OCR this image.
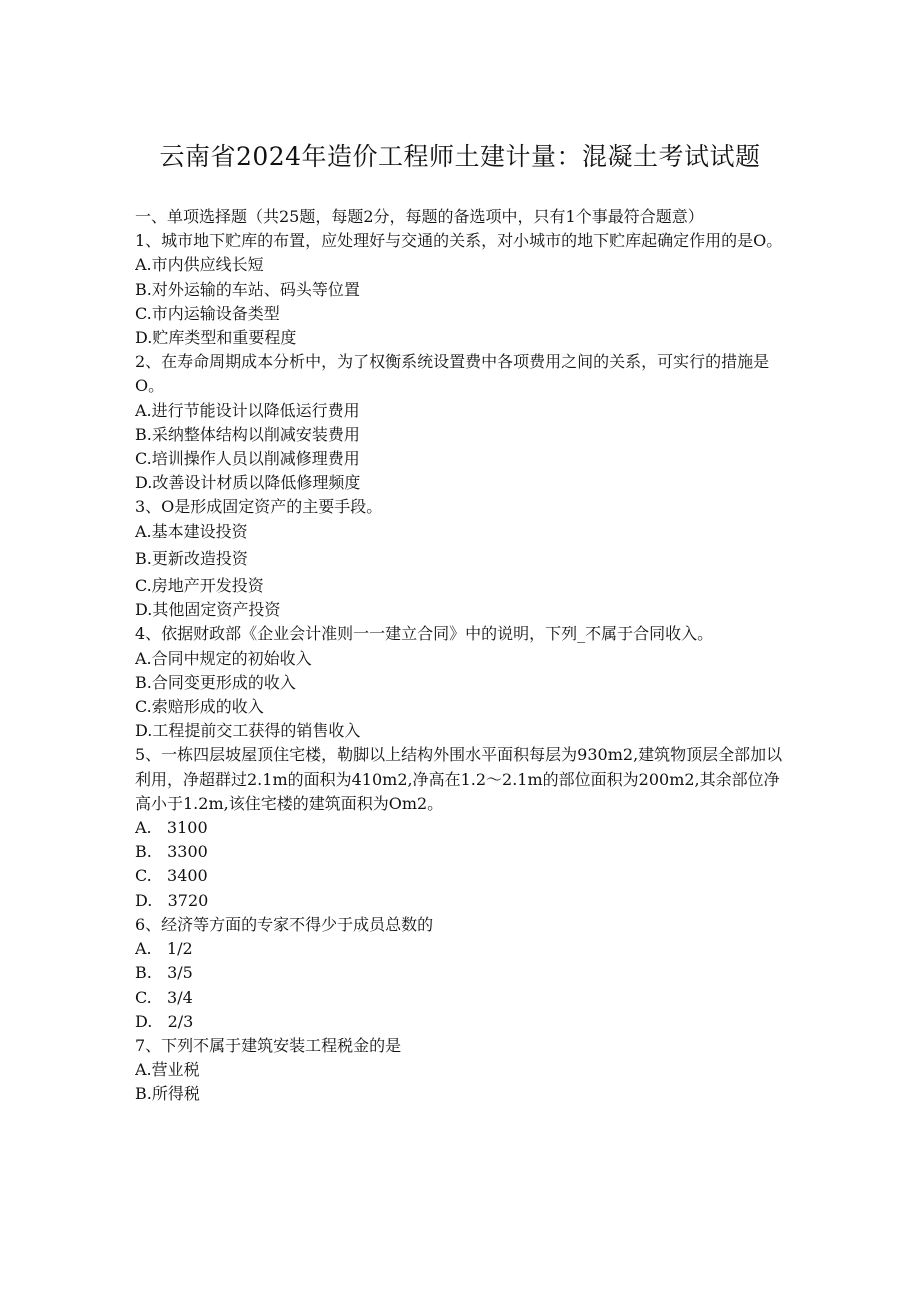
云南省2024年造价工程师土建计量：混凝土考试试题
一、单项选择题（共25题，每题2分，每题的备选项中，只有1个事最符合题意）
1、城市地下贮库的布置，应处理好与交通的关系，对小城市的地下贮库起确定作用的是O。
A.市内供应线长短
B.对外运输的车站、码头等位置
C.市内运输设备类型
D.贮库类型和重要程度
2、在寿命周期成本分析中，为了权衡系统设置费中各项费用之间的关系，可实行的措施是O。
A.进行节能设计以降低运行费用
B.采纳整体结构以削减安装费用
C.培训操作人员以削减修理费用
D.改善设计材质以降低修理频度
3、O是形成固定资产的主要手段。
A.基本建设投资
B.更新改造投资
C.房地产开发投资
D.其他固定资产投资
4、依据财政部《企业会计准则一一建立合同》中的说明，下列_不属于合同收入。
A.合同中规定的初始收入
B.合同变更形成的收入
C.索赔形成的收入
D.工程提前交工获得的销售收入
5、一栋四层坡屋顶住宅楼，勒脚以上结构外围水平面积每层为930m2,建筑物顶层全部加以利用，净超群过2.1m的面积为410m2,净高在1.2～2.1m的部位面积为200m2,其余部位净高小于1.2m,该住宅楼的建筑面积为Om2。
A.   3100
B.   3300
C.   3400
D.   3720
6、经济等方面的专家不得少于成员总数的
A.   1/2
B.   3/5
C.   3/4
D.   2/3
7、下列不属于建筑安装工程税金的是
A.营业税
B.所得税
